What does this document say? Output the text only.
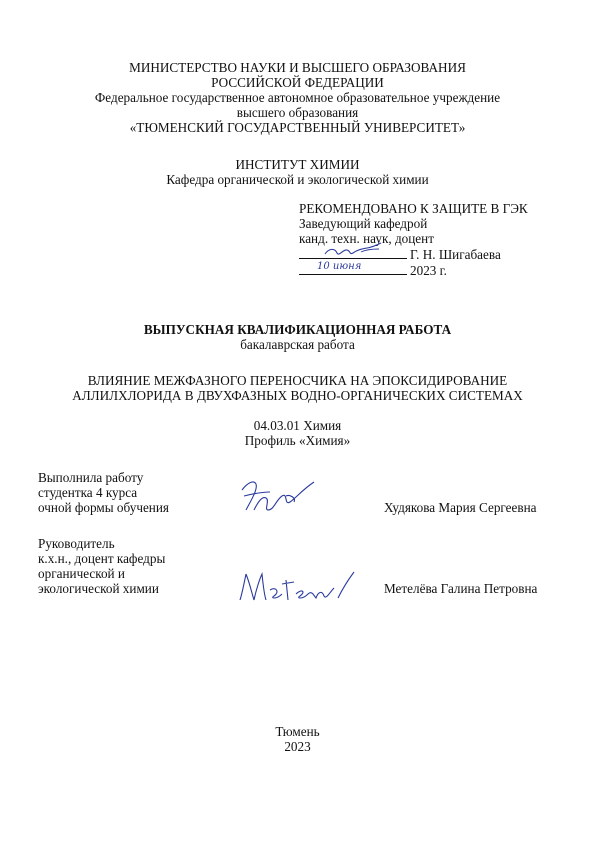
МИНИСТЕРСТВО НАУКИ И ВЫСШЕГО ОБРАЗОВАНИЯ
РОССИЙСКОЙ ФЕДЕРАЦИИ
Федеральное государственное автономное образовательное учреждение
высшего образования
«ТЮМЕНСКИЙ ГОСУДАРСТВЕННЫЙ УНИВЕРСИТЕТ»
ИНСТИТУТ ХИМИИ
Кафедра органической и экологической химии
РЕКОМЕНДОВАНО К ЗАЩИТЕ В ГЭК
Заведующий кафедрой
канд. техн. наук, доцент
Г. Н. Шигабаева
10 июня	2023 г.
ВЫПУСКНАЯ КВАЛИФИКАЦИОННАЯ РАБОТА
бакалаврская работа
ВЛИЯНИЕ МЕЖФАЗНОГО ПЕРЕНОСЧИКА НА ЭПОКСИДИРОВАНИЕ
АЛЛИЛХЛОРИДА В ДВУХФАЗНЫХ ВОДНО-ОРГАНИЧЕСКИХ СИСТЕМАХ
04.03.01 Химия
Профиль «Химия»
Выполнила работу
студентка 4 курса
очной формы обучения	Худякова Мария Сергеевна
Руководитель
к.х.н., доцент кафедры
органической и
экологической химии	Метелёва Галина Петровна
Тюмень
2023
